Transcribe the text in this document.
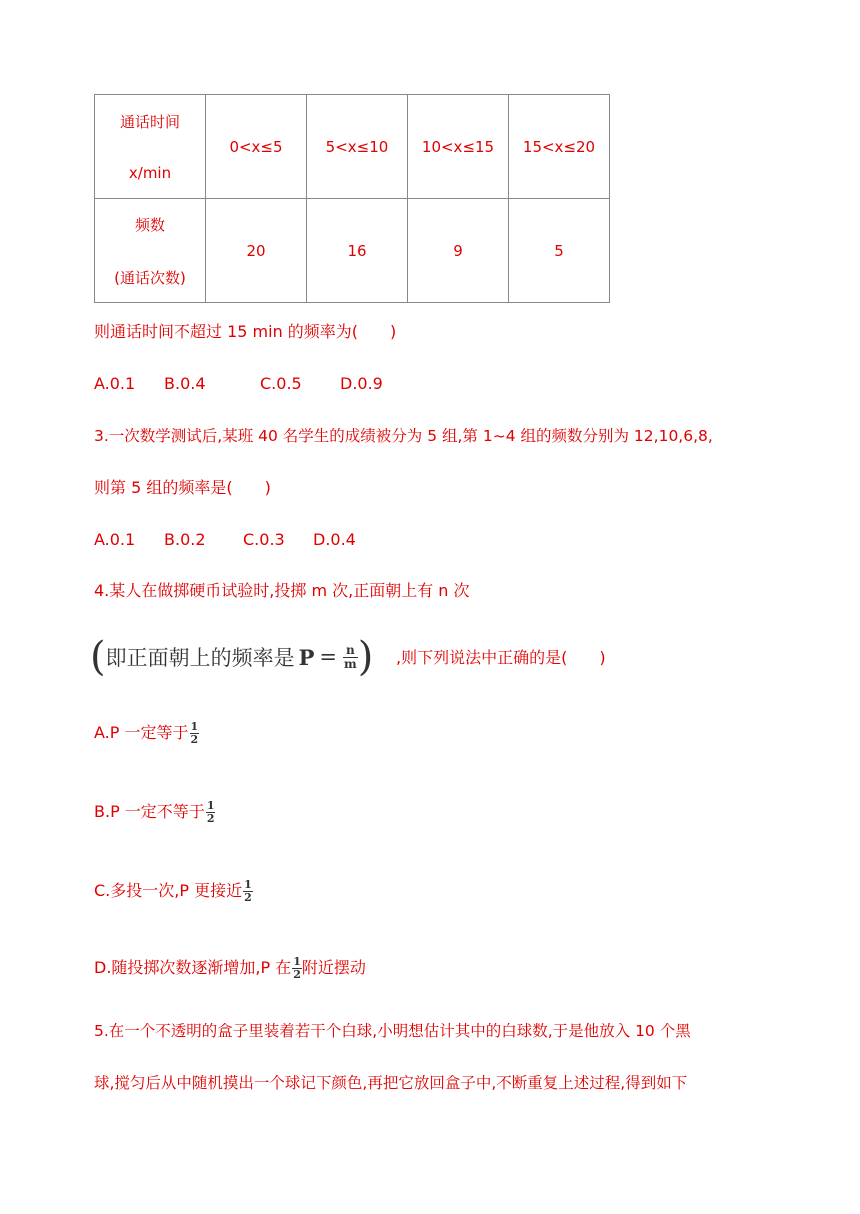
通话时间
x/min	0<x≤5	5<x≤10	10<x≤15	15<x≤20

频数
(通话次数)	20	16	9	5
则通话时间不超过 15 min 的频率为(　　)
A.0.1 B.0.4	C.0.5 D.0.9
3.一次数学测试后,某班 40 名学生的成绩被分为 5 组,第 1~4 组的频数分别为 12,10,6,8,
则第 5 组的频率是(　　)
A.0.1 B.0.2 C.0.3 D.0.4
4.某人在做掷硬币试验时,投掷 m 次,正面朝上有 n 次
( 即正面朝上的频率是 $P = \frac{n}{m}$ ) ,则下列说法中正确的是(　　)
A.P 一定等于 $\frac{1}{2}$
B.P 一定不等于 $\frac{1}{2}$
C.多投一次,P 更接近 $\frac{1}{2}$
D.随投掷次数逐渐增加,P 在 $\frac{1}{2}$ 附近摆动
5.在一个不透明的盒子里装着若干个白球,小明想估计其中的白球数,于是他放入 10 个黑
球,搅匀后从中随机摸出一个球记下颜色,再把它放回盒子中,不断重复上述过程,得到如下
